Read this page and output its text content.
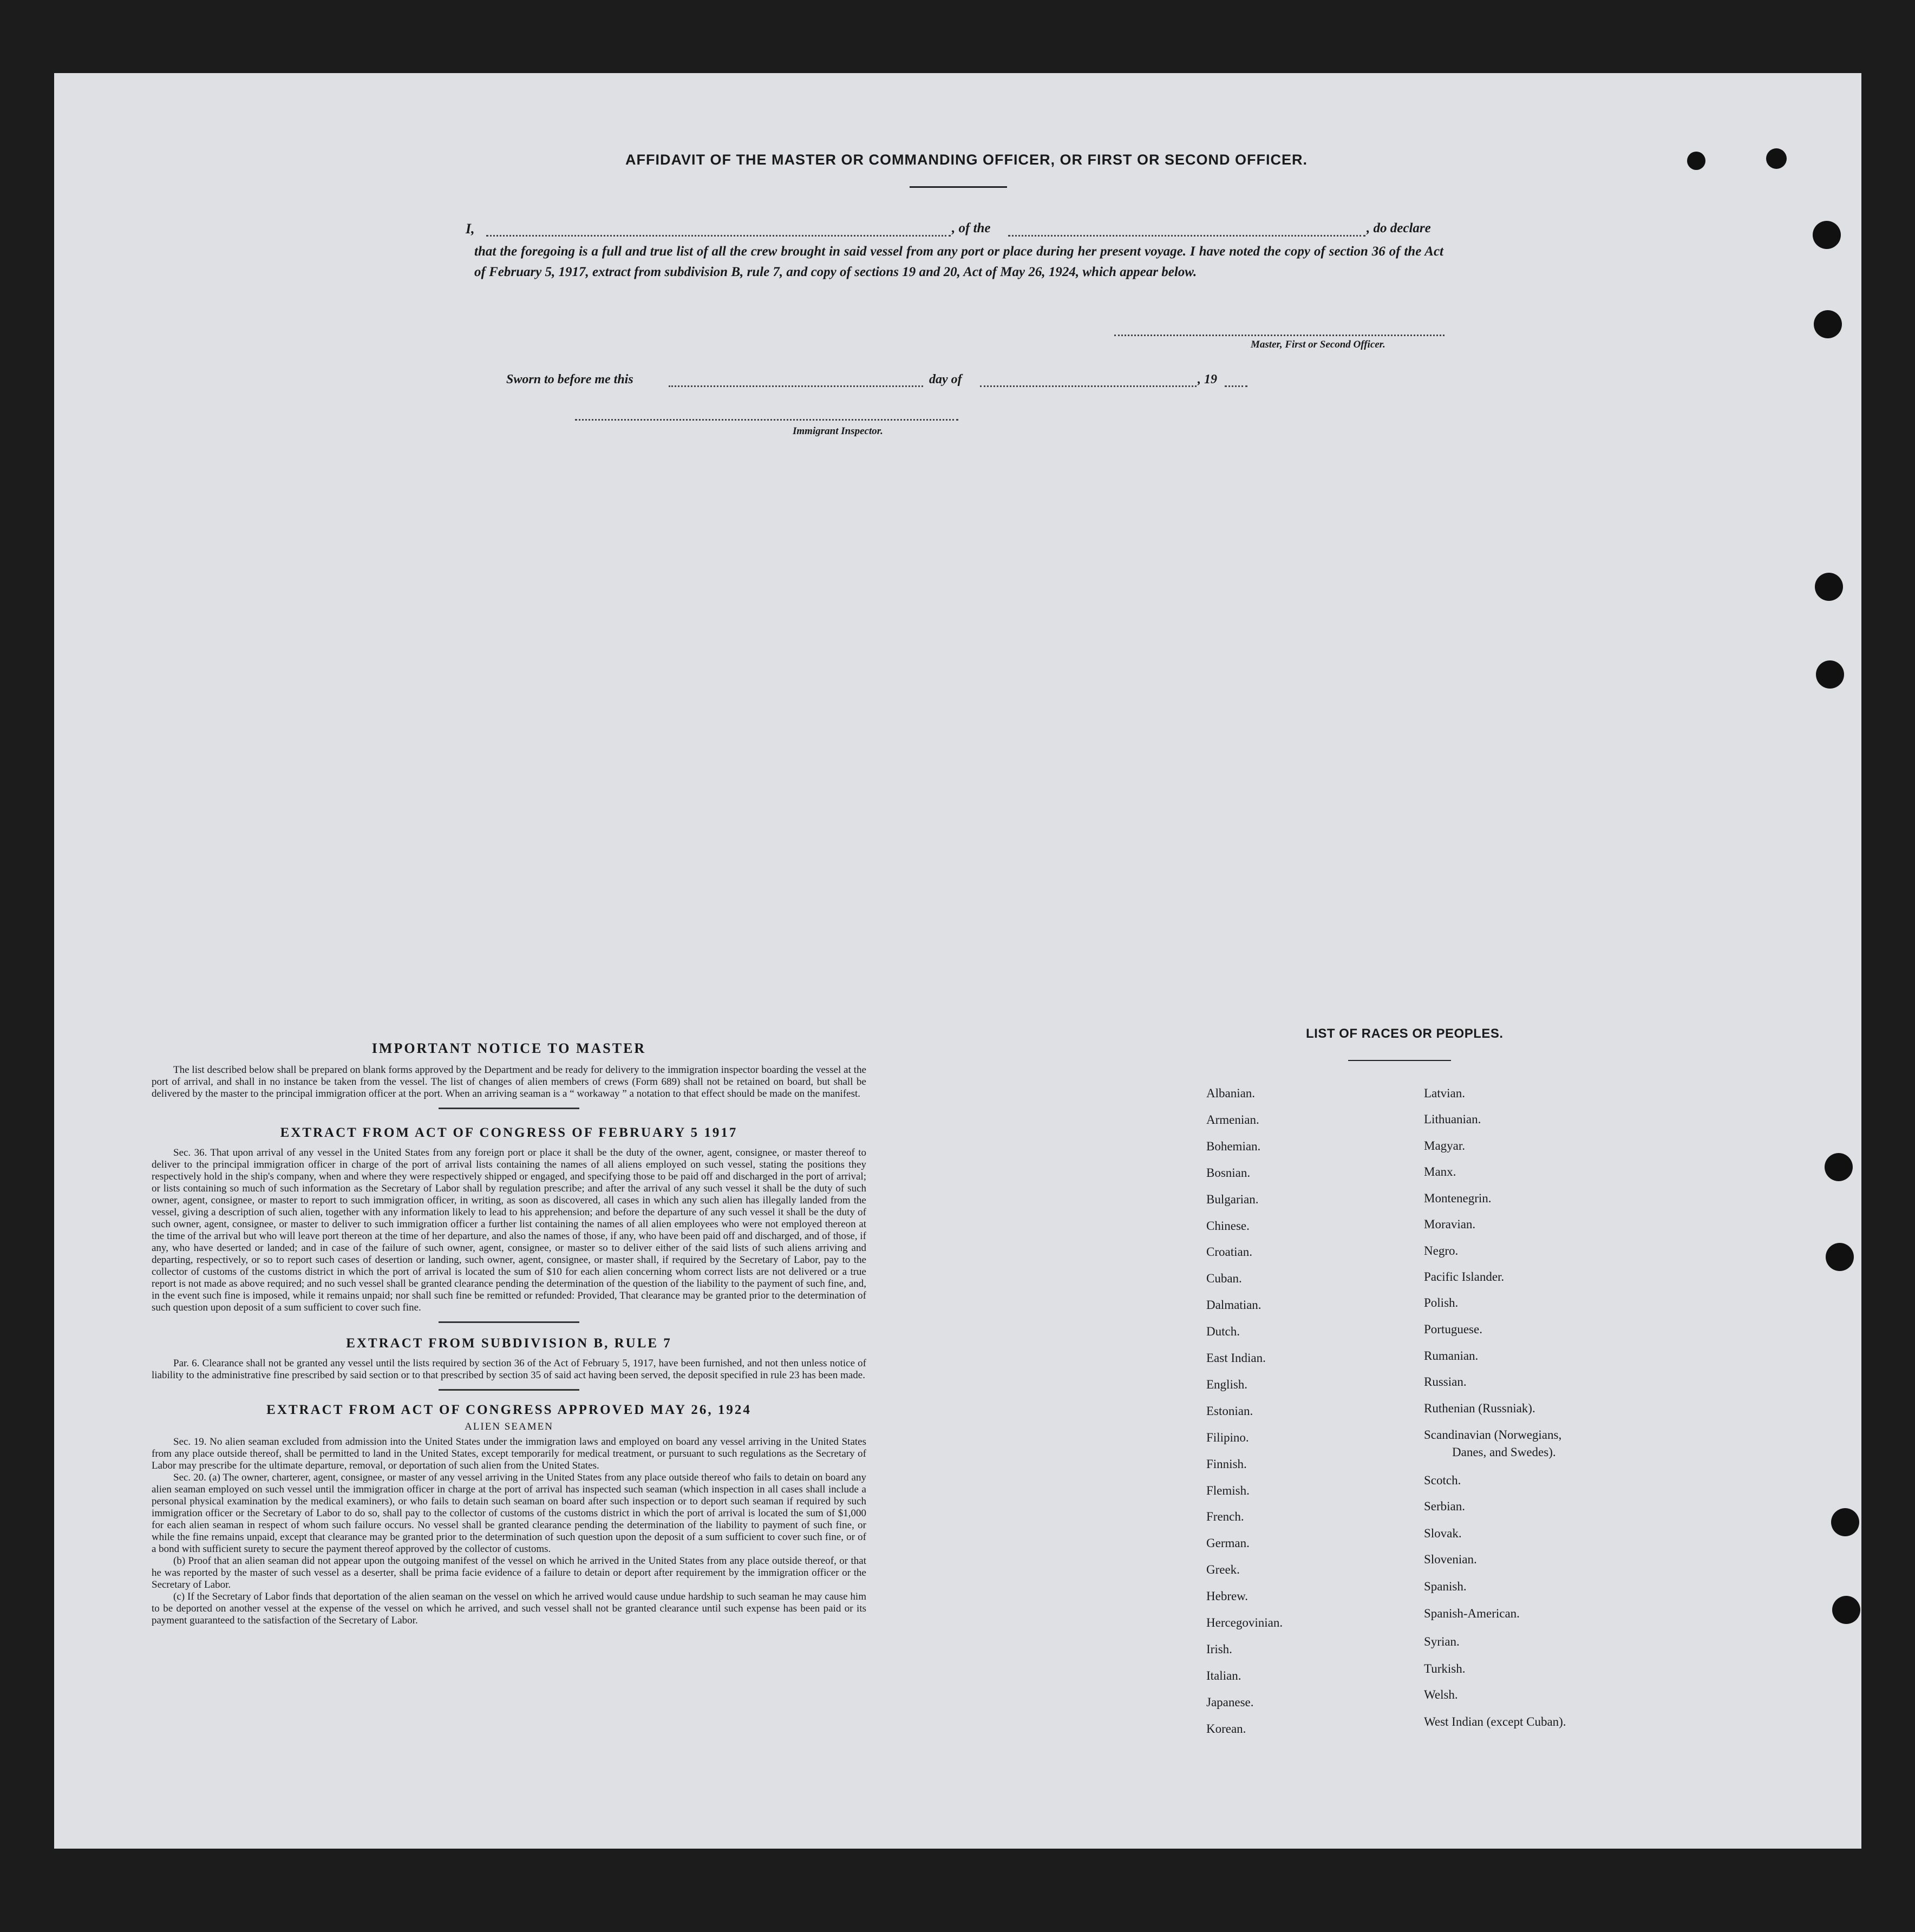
AFFIDAVIT OF THE MASTER OR COMMANDING OFFICER, OR FIRST OR SECOND OFFICER.
I,	, of the	, do declare
that the foregoing is a full and true list of all the crew brought in said vessel from any port or place during her present voyage. I have noted the copy of section 36 of the Act of February 5, 1917, extract from subdivision B, rule 7, and copy of sections 19 and 20, Act of May 26, 1924, which appear below.
Master, First or Second Officer.
Sworn to before me this	day of	, 19
Immigrant Inspector.
IMPORTANT NOTICE TO MASTER
The list described below shall be prepared on blank forms approved by the Department and be ready for delivery to the immigration inspector boarding the vessel at the port of arrival, and shall in no instance be taken from the vessel. The list of changes of alien members of crews (Form 689) shall not be retained on board, but shall be delivered by the master to the principal immigration officer at the port. When an arriving seaman is a “ workaway ” a notation to that effect should be made on the manifest.
EXTRACT FROM ACT OF CONGRESS OF FEBRUARY 5 1917
Sec. 36. That upon arrival of any vessel in the United States from any foreign port or place it shall be the duty of the owner, agent, consignee, or master thereof to deliver to the principal immigration officer in charge of the port of arrival lists containing the names of all aliens employed on such vessel, stating the positions they respectively hold in the ship's company, when and where they were respectively shipped or engaged, and specifying those to be paid off and discharged in the port of arrival; or lists containing so much of such information as the Secretary of Labor shall by regulation prescribe; and after the arrival of any such vessel it shall be the duty of such owner, agent, consignee, or master to report to such immigration officer, in writing, as soon as discovered, all cases in which any such alien has illegally landed from the vessel, giving a description of such alien, together with any information likely to lead to his apprehension; and before the departure of any such vessel it shall be the duty of such owner, agent, consignee, or master to deliver to such immigration officer a further list containing the names of all alien employees who were not employed thereon at the time of the arrival but who will leave port thereon at the time of her departure, and also the names of those, if any, who have been paid off and discharged, and of those, if any, who have deserted or landed; and in case of the failure of such owner, agent, consignee, or master so to deliver either of the said lists of such aliens arriving and departing, respectively, or so to report such cases of desertion or landing, such owner, agent, consignee, or master shall, if required by the Secretary of Labor, pay to the collector of customs of the customs district in which the port of arrival is located the sum of $10 for each alien concerning whom correct lists are not delivered or a true report is not made as above required; and no such vessel shall be granted clearance pending the determination of the question of the liability to the payment of such fine, and, in the event such fine is imposed, while it remains unpaid; nor shall such fine be remitted or refunded: Provided, That clearance may be granted prior to the determination of such question upon deposit of a sum sufficient to cover such fine.
EXTRACT FROM SUBDIVISION B, RULE 7
Par. 6. Clearance shall not be granted any vessel until the lists required by section 36 of the Act of February 5, 1917, have been furnished, and not then unless notice of liability to the administrative fine prescribed by said section or to that prescribed by section 35 of said act having been served, the deposit specified in rule 23 has been made.
EXTRACT FROM ACT OF CONGRESS APPROVED MAY 26, 1924
ALIEN SEAMEN
Sec. 19. No alien seaman excluded from admission into the United States under the immigration laws and employed on board any vessel arriving in the United States from any place outside thereof, shall be permitted to land in the United States, except temporarily for medical treatment, or pursuant to such regulations as the Secretary of Labor may prescribe for the ultimate departure, removal, or deportation of such alien from the United States.
Sec. 20. (a) The owner, charterer, agent, consignee, or master of any vessel arriving in the United States from any place outside thereof who fails to detain on board any alien seaman employed on such vessel until the immigration officer in charge at the port of arrival has inspected such seaman (which inspection in all cases shall include a personal physical examination by the medical examiners), or who fails to detain such seaman on board after such inspection or to deport such seaman if required by such immigration officer or the Secretary of Labor to do so, shall pay to the collector of customs of the customs district in which the port of arrival is located the sum of $1,000 for each alien seaman in respect of whom such failure occurs. No vessel shall be granted clearance pending the determination of the liability to payment of such fine, or while the fine remains unpaid, except that clearance may be granted prior to the determination of such question upon the deposit of a sum sufficient to cover such fine, or of a bond with sufficient surety to secure the payment thereof approved by the collector of customs.
(b) Proof that an alien seaman did not appear upon the outgoing manifest of the vessel on which he arrived in the United States from any place outside thereof, or that he was reported by the master of such vessel as a deserter, shall be prima facie evidence of a failure to detain or deport after requirement by the immigration officer or the Secretary of Labor.
(c) If the Secretary of Labor finds that deportation of the alien seaman on the vessel on which he arrived would cause undue hardship to such seaman he may cause him to be deported on another vessel at the expense of the vessel on which he arrived, and such vessel shall not be granted clearance until such expense has been paid or its payment guaranteed to the satisfaction of the Secretary of Labor.
LIST OF RACES OR PEOPLES.
Albanian.
Armenian.
Bohemian.
Bosnian.
Bulgarian.
Chinese.
Croatian.
Cuban.
Dalmatian.
Dutch.
East Indian.
English.
Estonian.
Filipino.
Finnish.
Flemish.
French.
German.
Greek.
Hebrew.
Hercegovinian.
Irish.
Italian.
Japanese.
Korean.
Latvian.
Lithuanian.
Magyar.
Manx.
Montenegrin.
Moravian.
Negro.
Pacific Islander.
Polish.
Portuguese.
Rumanian.
Russian.
Ruthenian (Russniak).
Scandinavian (Norwegians,
Danes, and Swedes).
Scotch.
Serbian.
Slovak.
Slovenian.
Spanish.
Spanish-American.
Syrian.
Turkish.
Welsh.
West Indian (except Cuban).
